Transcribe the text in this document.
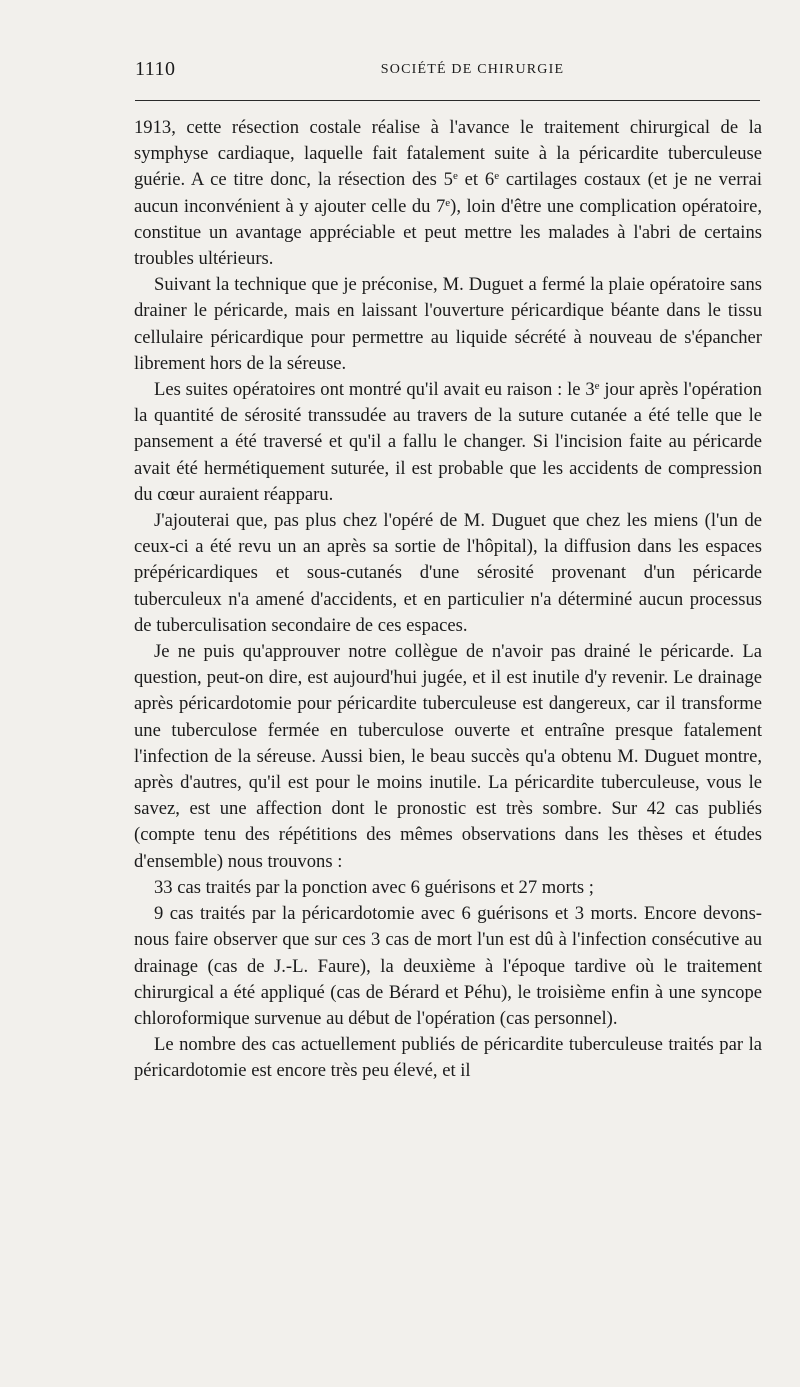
1110	SOCIÉTÉ DE CHIRURGIE

1913, cette résection costale réalise à l'avance le traitement chirurgical de la symphyse cardiaque, laquelle fait fatalement suite à la péricardite tuberculeuse guérie. A ce titre donc, la résection des 5e et 6e cartilages costaux (et je ne verrai aucun inconvénient à y ajouter celle du 7e), loin d'être une complication opératoire, constitue un avantage appréciable et peut mettre les malades à l'abri de certains troubles ultérieurs.

Suivant la technique que je préconise, M. Duguet a fermé la plaie opératoire sans drainer le péricarde, mais en laissant l'ouverture péricardique béante dans le tissu cellulaire péricardique pour permettre au liquide sécrété à nouveau de s'épancher librement hors de la séreuse.

Les suites opératoires ont montré qu'il avait eu raison : le 3e jour après l'opération la quantité de sérosité transsudée au travers de la suture cutanée a été telle que le pansement a été traversé et qu'il a fallu le changer. Si l'incision faite au péricarde avait été hermétiquement suturée, il est probable que les accidents de compression du cœur auraient réapparu.

J'ajouterai que, pas plus chez l'opéré de M. Duguet que chez les miens (l'un de ceux-ci a été revu un an après sa sortie de l'hôpital), la diffusion dans les espaces prépéricardiques et sous-cutanés d'une sérosité provenant d'un péricarde tuberculeux n'a amené d'accidents, et en particulier n'a déterminé aucun processus de tuberculisation secondaire de ces espaces.

Je ne puis qu'approuver notre collègue de n'avoir pas drainé le péricarde. La question, peut-on dire, est aujourd'hui jugée, et il est inutile d'y revenir. Le drainage après péricardotomie pour péricardite tuberculeuse est dangereux, car il transforme une tuberculose fermée en tuberculose ouverte et entraîne presque fatalement l'infection de la séreuse. Aussi bien, le beau succès qu'a obtenu M. Duguet montre, après d'autres, qu'il est pour le moins inutile. La péricardite tuberculeuse, vous le savez, est une affection dont le pronostic est très sombre. Sur 42 cas publiés (compte tenu des répétitions des mêmes observations dans les thèses et études d'ensemble) nous trouvons :

33 cas traités par la ponction avec 6 guérisons et 27 morts ;

9 cas traités par la péricardotomie avec 6 guérisons et 3 morts. Encore devons-nous faire observer que sur ces 3 cas de mort l'un est dû à l'infection consécutive au drainage (cas de J.-L. Faure), la deuxième à l'époque tardive où le traitement chirurgical a été appliqué (cas de Bérard et Péhu), le troisième enfin à une syncope chloroformique survenue au début de l'opération (cas personnel).

Le nombre des cas actuellement publiés de péricardite tuberculeuse traités par la péricardotomie est encore très peu élevé, et il
